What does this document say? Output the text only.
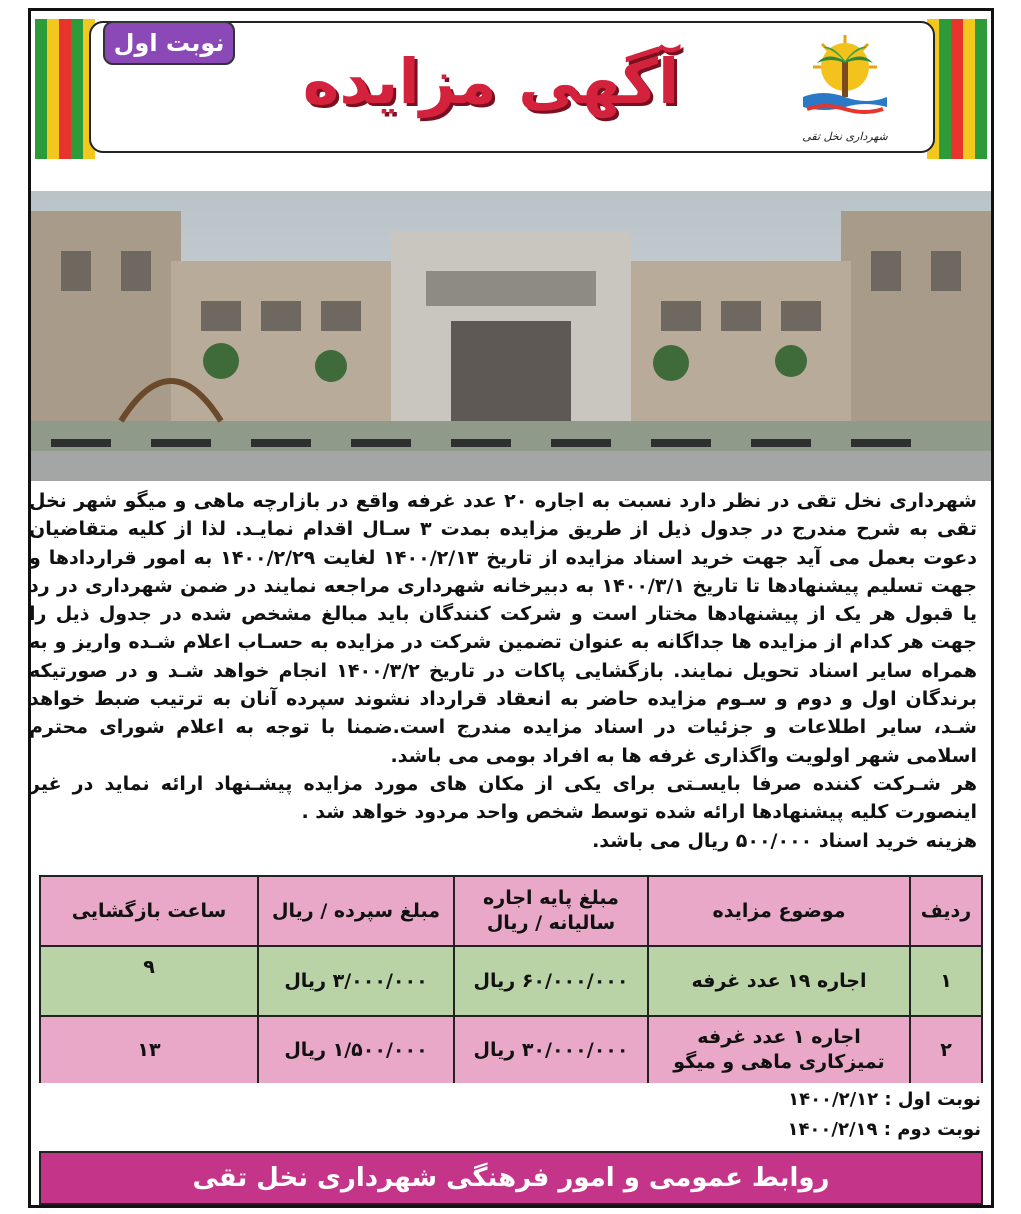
نوبت اول
آگهی مزایده
شهرداری نخل تقی

شهرداری نخل تقی در نظر دارد نسبت به اجاره ۲۰ عدد غرفه واقع در بازارچه ماهی و میگو شهر نخل تقی به شرح مندرج در جدول ذیل از طریق مزایده بمدت ۳ سـال اقدام نمایـد. لذا از کلیه متقاضیان دعوت بعمل می آید جهت خرید اسناد مزایده از تاریخ ۱۴۰۰/۲/۱۳ لغایت ۱۴۰۰/۲/۲۹ به امور قراردادها و جهت تسلیم پیشنهادها تا تاریخ ۱۴۰۰/۳/۱ به دبیرخانه شهرداری مراجعه نمایند در ضمن شهرداری در رد یا قبول هر یک از پیشنهادها مختار است و شرکت کنندگان باید مبالغ مشخص شده در جدول ذیل را جهت هر کدام از مزایده ها جداگانه به عنوان تضمین شرکت در مزایده به حسـاب اعلام شـده واریز و به همراه سایر اسناد تحویل نمایند. بازگشایی پاکات در تاریخ ۱۴۰۰/۳/۲ انجام خواهد شـد و در صورتیکه برندگان اول و دوم و سـوم مزایده حاضر به انعقاد قرارداد نشوند سپرده آنان به ترتیب ضبط خواهد شـد، سایر اطلاعات و جزئیات در اسناد مزایده مندرج است.ضمنا با توجه به اعلام شورای محترم اسلامی شهر اولویت واگذاری غرفه ها به افراد بومی می باشد.

هر شـرکت کننده صرفا بایسـتی برای یکی از مکان های مورد مزایده پیشـنهاد ارائه نماید در غیر اینصورت کلیه پیشنهادها ارائه شده توسط شخص واحد مردود خواهد شد .

هزینه خرید اسناد ۵۰۰/۰۰۰ ریال می باشد.

ردیف
موضوع مزایده
مبلغ پایه اجاره سالیانه / ریال
مبلغ سپرده / ریال
ساعت بازگشایی
۱
اجاره ۱۹ عدد غرفه
۶۰/۰۰۰/۰۰۰ ریال
۳/۰۰۰/۰۰۰ ریال
۹
۲
اجاره ۱ عدد غرفه تمیزکاری ماهی و میگو
۳۰/۰۰۰/۰۰۰ ریال
۱/۵۰۰/۰۰۰ ریال
۱۳
نوبت اول : ۱۴۰۰/۲/۱۲
نوبت دوم : ۱۴۰۰/۲/۱۹
روابط عمومی و امور فرهنگی شهرداری نخل تقی
